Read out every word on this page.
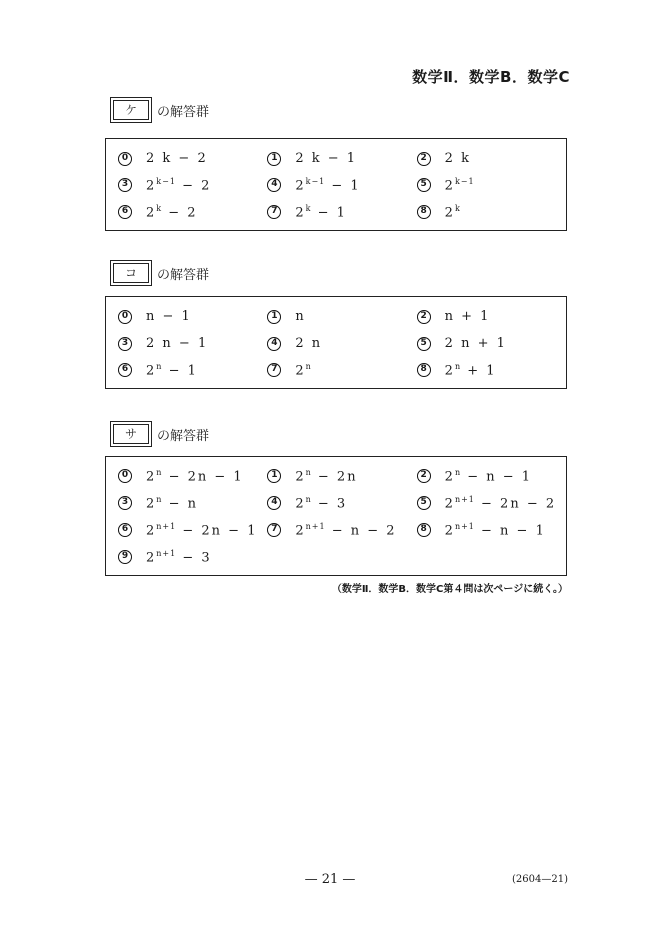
数学Ⅱ．数学B．数学C
ケ	の解答群
0 2 k − 2	1 2 k − 1	2 2 k
3 $2^{k-1} - 2$	4 $2^{k-1} - 1$	5 $2^{k-1}$
6 $2^k - 2$	7 $2^k - 1$	8 2$^k$
コ	の解答群
0 n − 1	1 n	2 n + 1
3 2 n − 1	4 2 n	5 2 n + 1
6 $2^n - 1$	7 2$^n$	8 $2^n + 1$
サ	の解答群
0 $2^n - 2n - 1$	1 $2^n - 2n$	2 $2^n - n - 1$
3 $2^n - n$	4 $2^n - 3$	5 $2^{n+1} - 2n - 2$
6 $2^{n+1} - 2n - 1$	7 $2^{n+1} - n - 2$	8 $2^{n+1} - n - 1$
9 $2^{n+1} - 3$
（数学Ⅱ．数学B．数学C第４問は次ページに続く。）
— 21 —	(2604—21)
